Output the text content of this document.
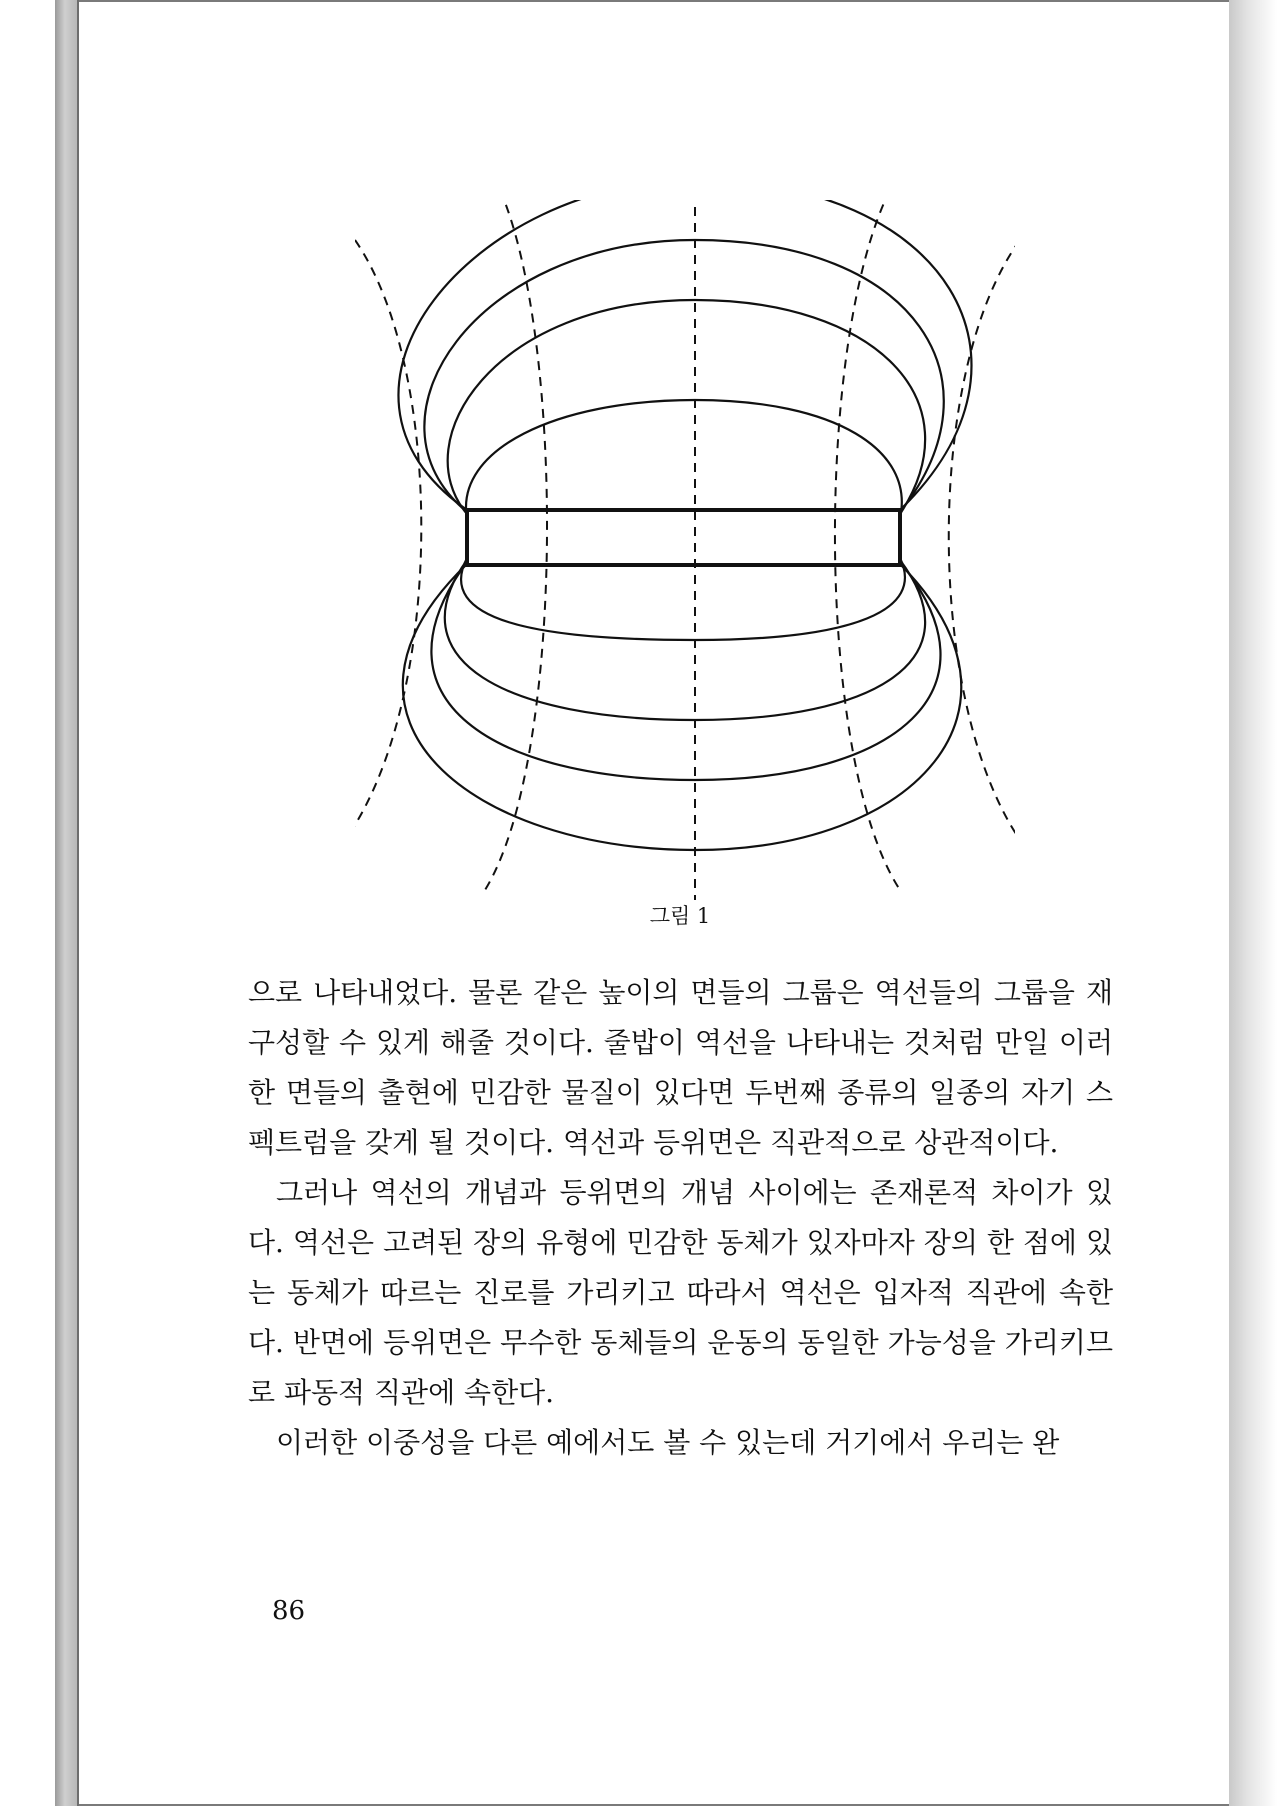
그림 1

으로 나타내었다. 물론 같은 높이의 면들의 그룹은 역선들의 그룹을 재구성할 수 있게 해줄 것이다. 줄밥이 역선을 나타내는 것처럼 만일 이러한 면들의 출현에 민감한 물질이 있다면 두번째 종류의 일종의 자기 스펙트럼을 갖게 될 것이다. 역선과 등위면은 직관적으로 상관적이다.

그러나 역선의 개념과 등위면의 개념 사이에는 존재론적 차이가 있다. 역선은 고려된 장의 유형에 민감한 동체가 있자마자 장의 한 점에 있는 동체가 따르는 진로를 가리키고 따라서 역선은 입자적 직관에 속한다. 반면에 등위면은 무수한 동체들의 운동의 동일한 가능성을 가리키므로 파동적 직관에 속한다.

이러한 이중성을 다른 예에서도 볼 수 있는데 거기에서 우리는 완

86
